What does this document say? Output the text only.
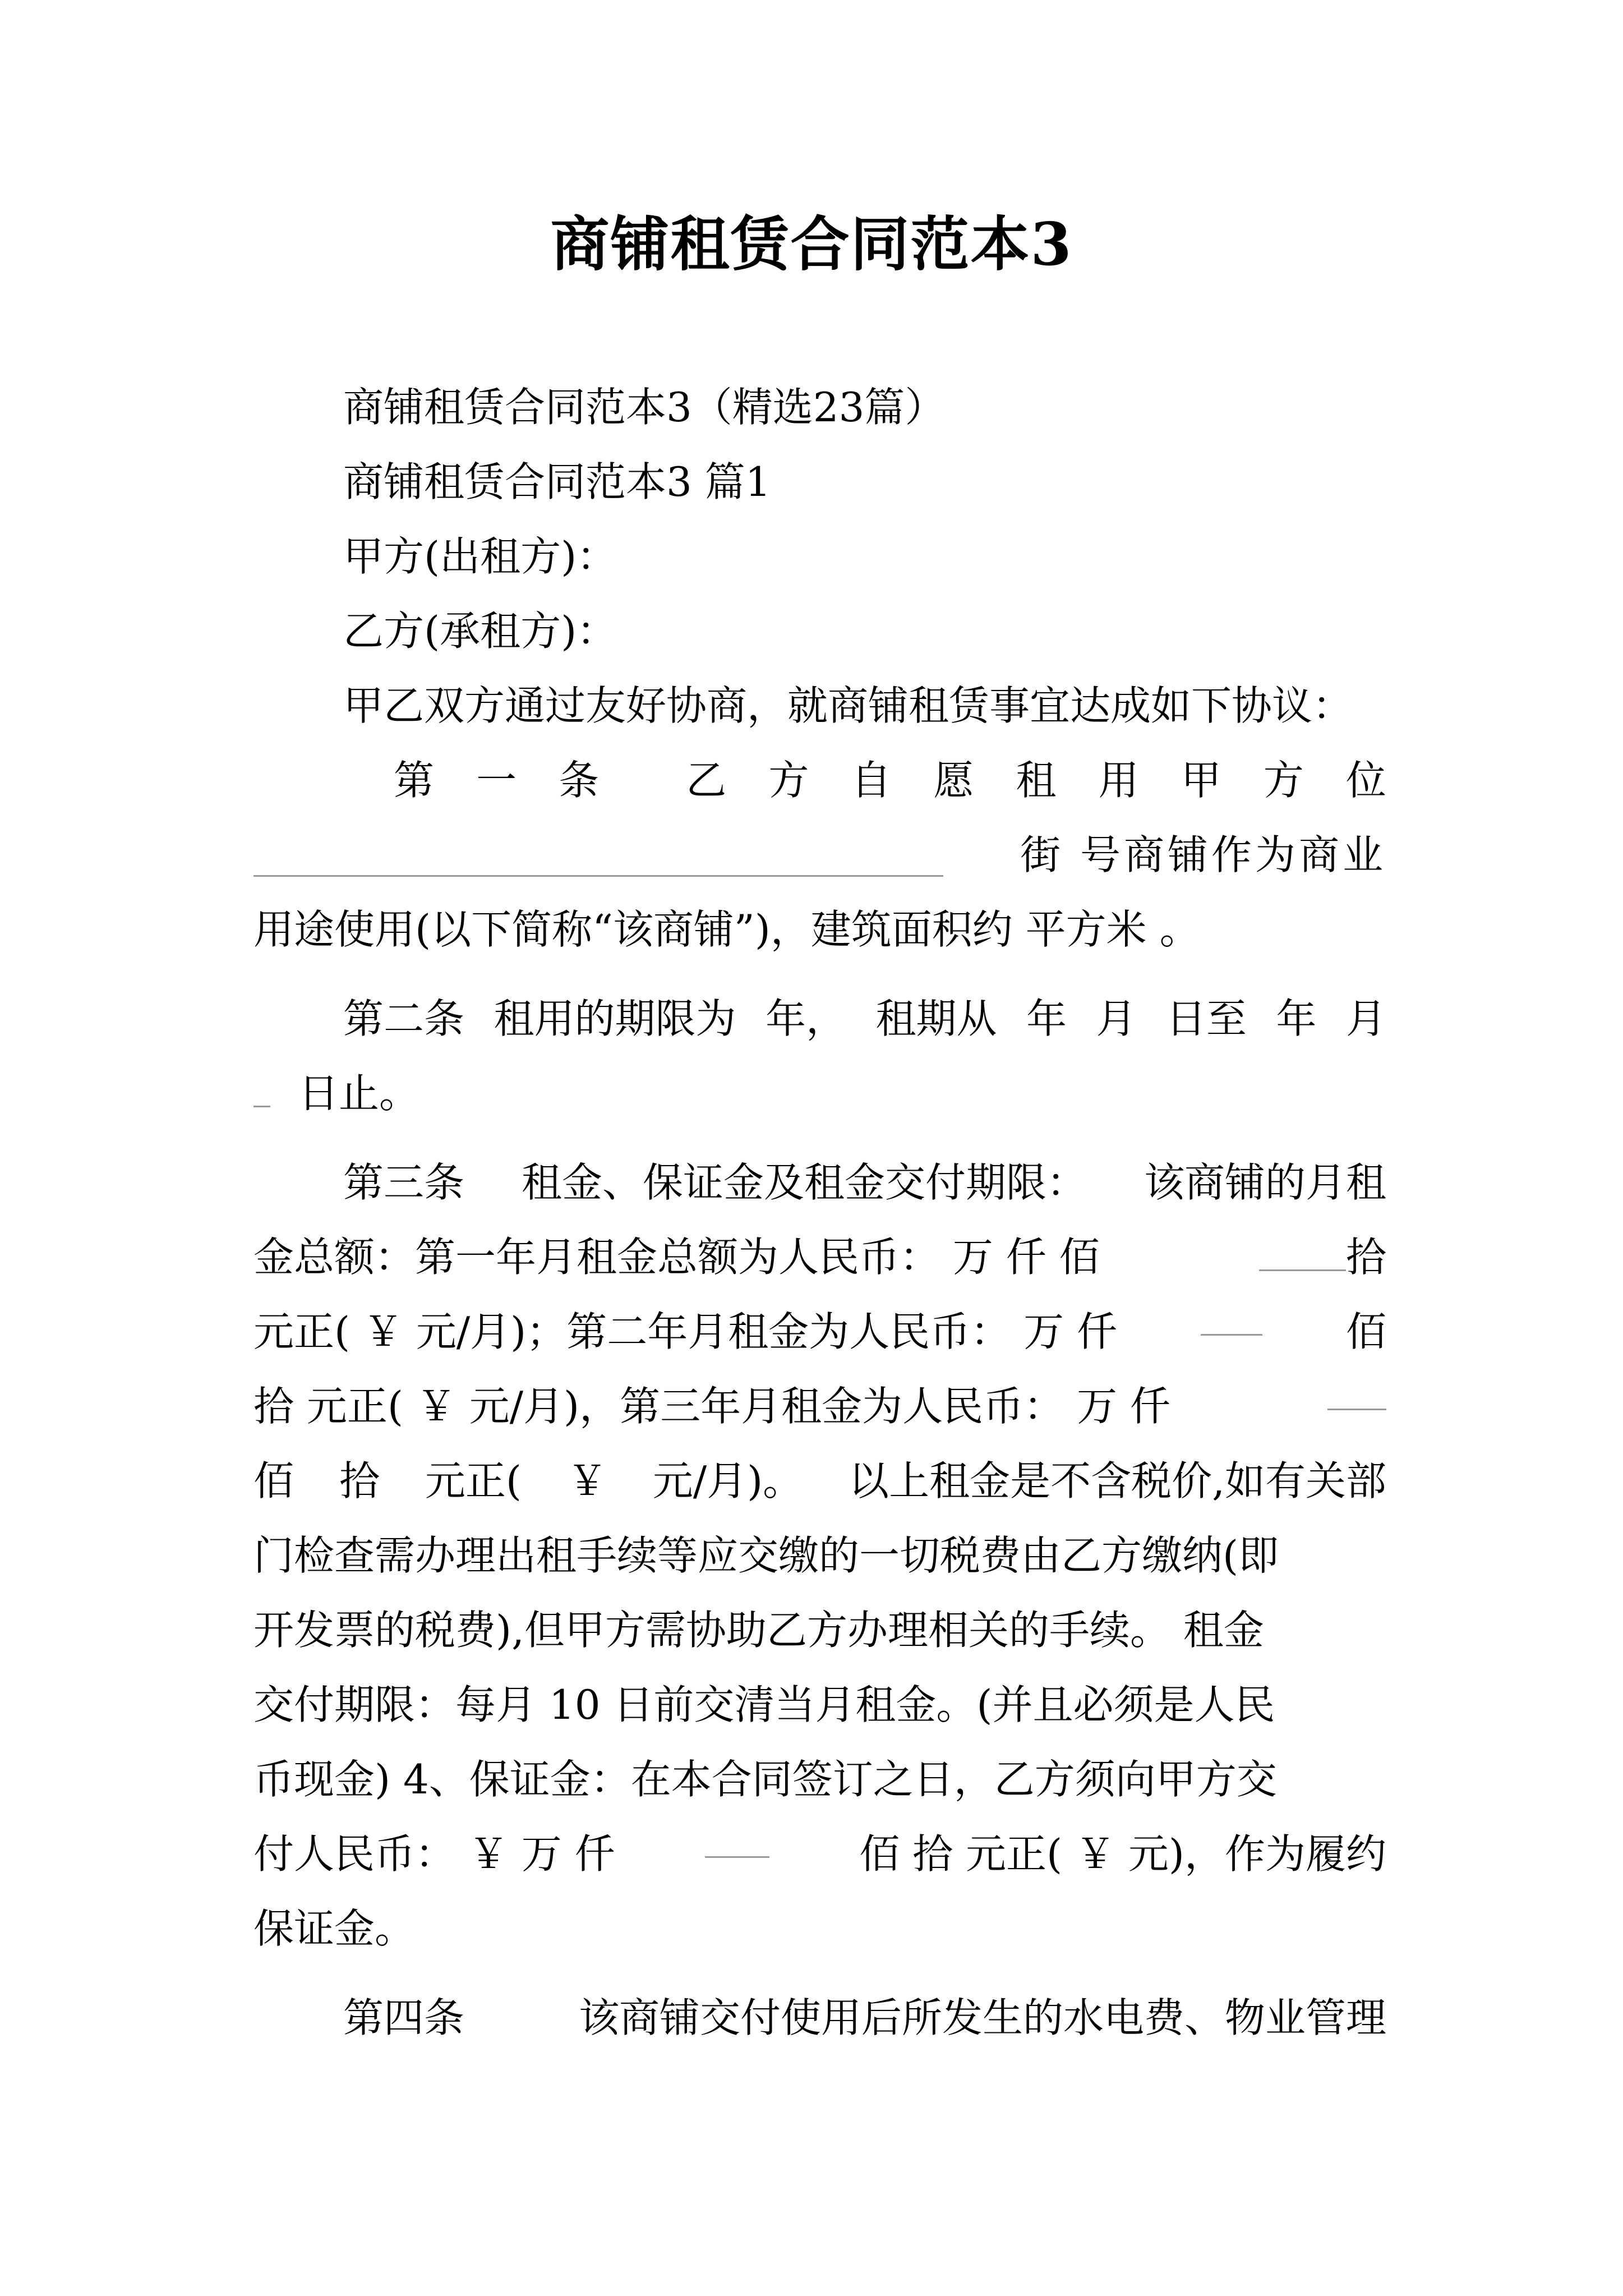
商铺租赁合同范本3
商铺租赁合同范本3（精选23篇）
商铺租赁合同范本3 篇1
甲方(出租方)：
乙方(承租方)：
甲乙双方通过友好协商，就商铺租赁事宜达成如下协议：
第 一 条 乙 方 自 愿 租 用 甲 方 位
街 号商铺作为商业
用途使用(以下简称“该商铺”)，建筑面积约 平方米 。
第二条 租用的期限为 年， 租期从 年 月 日至 年 月
日止。
第三条 租金、保证金及租金交付期限： 该商铺的月租
金总额：第一年月租金总额为人民币： 万 仟 佰	拾
元正( ￥ 元/月)；第二年月租金为人民币： 万 仟	佰
拾 元正( ￥ 元/月)，第三年月租金为人民币： 万 仟
佰 拾 元正( ￥ 元/月)。 以上租金是不含税价,如有关部
门检查需办理出租手续等应交缴的一切税费由乙方缴纳(即
开发票的税费),但甲方需协助乙方办理相关的手续。 租金
交付期限：每月 10 日前交清当月租金。(并且必须是人民
币现金) 4、保证金：在本合同签订之日，乙方须向甲方交
付人民币： ￥ 万 仟	佰 拾 元正( ￥ 元)，作为履约
保证金。
第四条	该商铺交付使用后所发生的水电费、物业管理
